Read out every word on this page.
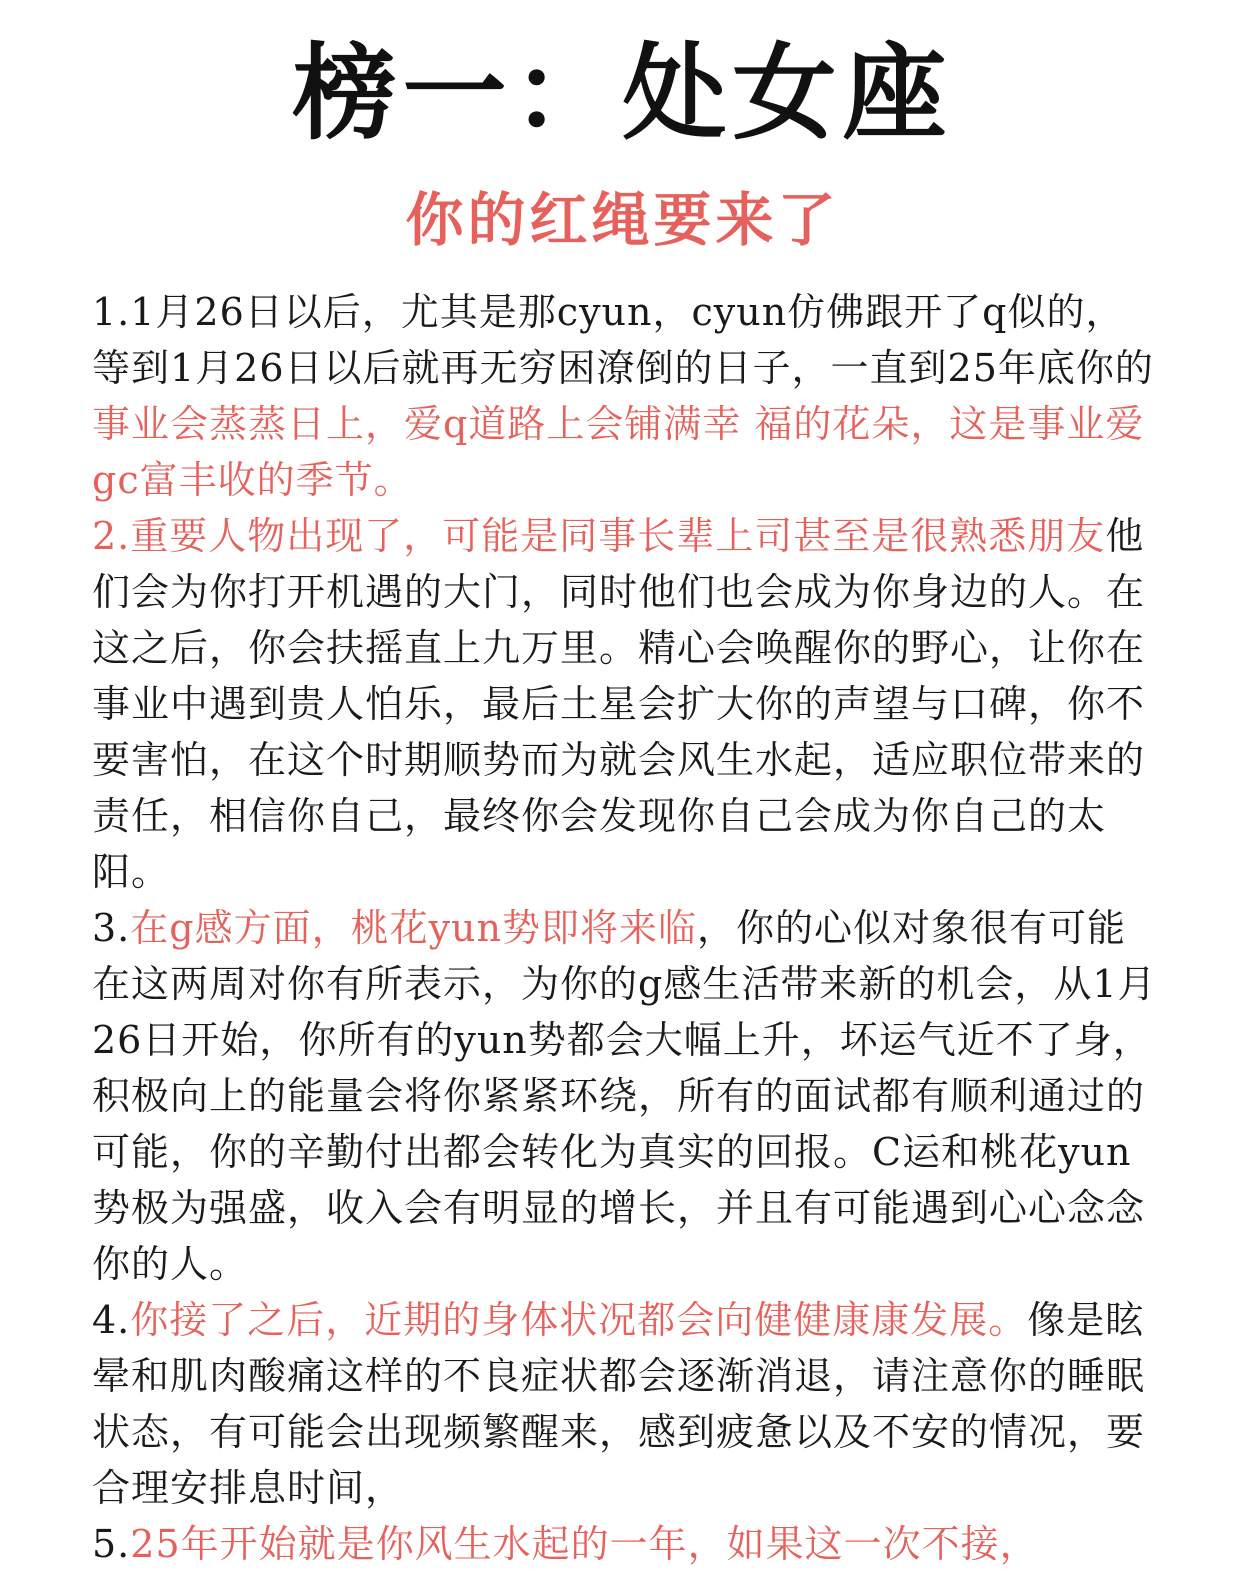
榜一：处女座
你的红绳要来了

1.1月26日以后，尤其是那cyun，cyun仿佛跟开了q似的，等到1月26日以后就再无穷困潦倒的日子，一直到25年底你的事业会蒸蒸日上，爱q道路上会铺满幸 福的花朵，这是事业爱gc富丰收的季节。

2.重要人物出现了，可能是同事长辈上司甚至是很熟悉朋友他们会为你打开机遇的大门，同时他们也会成为你身边的人。在这之后，你会扶摇直上九万里。精心会唤醒你的野心，让你在事业中遇到贵人怕乐，最后土星会扩大你的声望与口碑，你不要害怕，在这个时期顺势而为就会风生水起，适应职位带来的责任，相信你自己，最终你会发现你自己会成为你自己的太阳。

3.在g感方面，桃花yun势即将来临，你的心似对象很有可能在这两周对你有所表示，为你的g感生活带来新的机会，从1月26日开始，你所有的yun势都会大幅上升，坏运气近不了身，积极向上的能量会将你紧紧环绕，所有的面试都有顺利通过的可能，你的辛勤付出都会转化为真实的回报。C运和桃花yun势极为强盛，收入会有明显的增长，并且有可能遇到心心念念你的人。

4.你接了之后，近期的身体状况都会向健健康康发展。像是眩晕和肌肉酸痛这样的不良症状都会逐渐消退，请注意你的睡眠状态，有可能会出现频繁醒来，感到疲惫以及不安的情况，要合理安排息时间，

5.25年开始就是你风生水起的一年，如果这一次不接，
